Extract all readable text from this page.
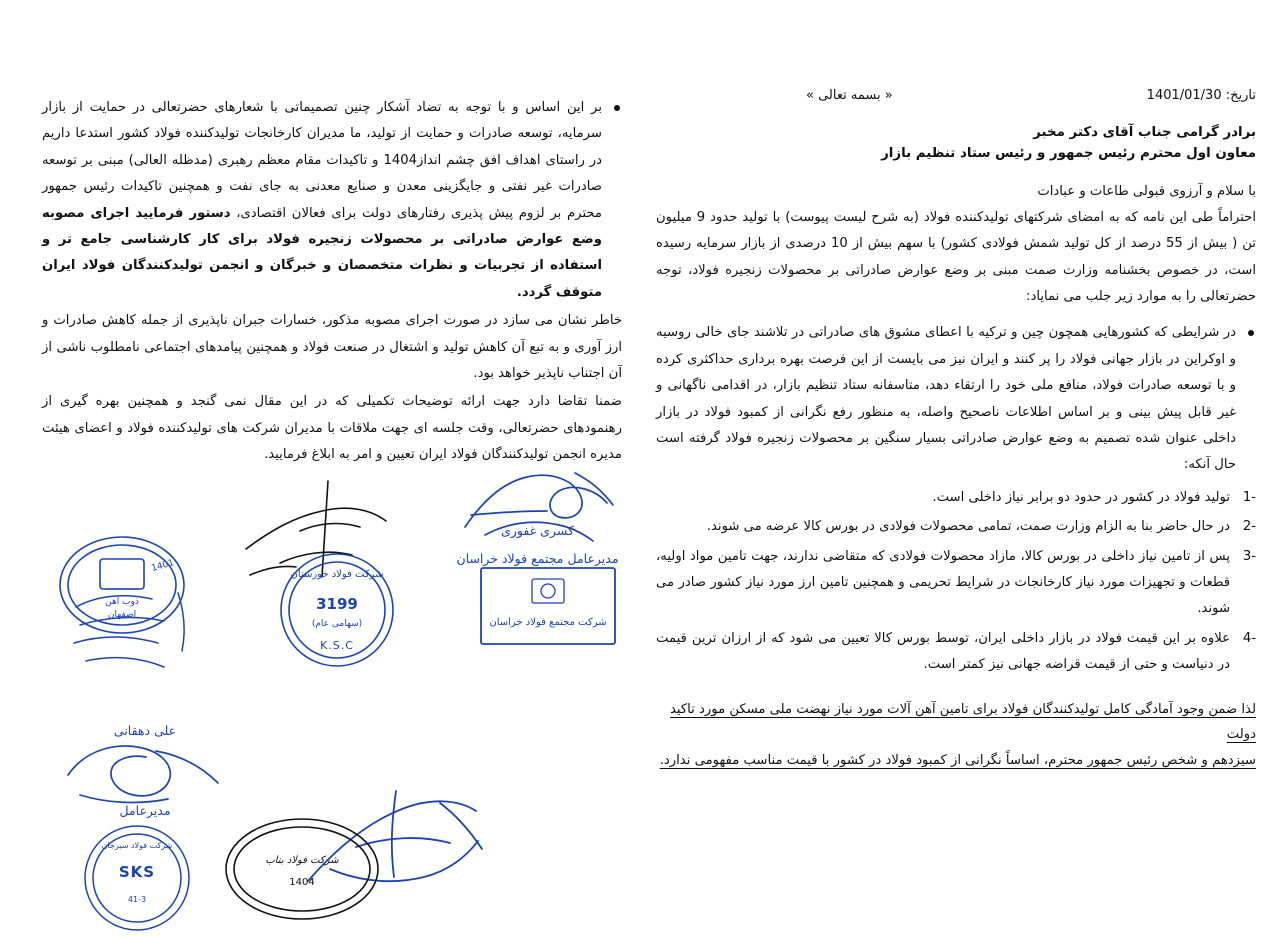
« بسمه تعالی »	تاریخ: 1401/01/30
برادر گرامی جناب آقای دکتر مخبر
معاون اول محترم رئیس جمهور و رئیس ستاد تنظیم بازار
با سلام و آرزوی قبولی طاعات و عبادات

احتراماً طی این نامه که به امضای شرکتهای تولیدکننده فولاد (به شرح لیست پیوست) با تولید حدود 9 میلیون تن ( بیش از 55 درصد از کل تولید شمش فولادی کشور) با سهم بیش از 10 درصدی از بازار سرمایه رسیده است، در خصوص بخشنامه وزارت صمت مبنی بر وضع عوارض صادراتی بر محصولات زنجیره فولاد، توجه حضرتعالی را به موارد زیر جلب می نمایاد:

در شرایطی که کشورهایی همچون چین و ترکیه با اعطای مشوق های صادراتی در تلاشند جای خالی روسیه و اوکراین در بازار جهانی فولاد را پر کنند و ایران نیز می بایست از این فرصت بهره برداری حداکثری کرده و با توسعه صادرات فولاد، منافع ملی خود را ارتقاء دهد، متاسفانه ستاد تنظیم بازار، در اقدامی ناگهانی و غیر قابل پیش بینی و بر اساس اطلاعات ناصحیح واصله، به منظور رفع نگرانی از کمبود فولاد در بازار داخلی عنوان شده تصمیم به وضع عوارض صادراتی بسیار سنگین بر محصولات زنجیره فولاد گرفته است حال آنکه:

1-
تولید فولاد در کشور در حدود دو برابر نیاز داخلی است.
2-
در حال حاضر بنا به الزام وزارت صمت، تمامی محصولات فولادی در بورس کالا عرضه می شوند.
3-
پس از تامین نیاز داخلی در بورس کالا، مازاد محصولات فولادی که متقاضی ندارند، جهت تامین مواد اولیه، قطعات و تجهیزات مورد نیاز کارخانجات در شرایط تحریمی و همچنین تامین ارز مورد نیاز کشور صادر می شوند.
4-
علاوه بر این قیمت فولاد در بازار داخلی ایران، توسط بورس کالا تعیین می شود که از ارزان ترین قیمت در دنیاست و حتی از قیمت قراضه جهانی نیز کمتر است.
لذا ضمن وجود آمادگی کامل تولیدکنندگان فولاد برای تامین آهن آلات مورد نیاز نهضت ملی مسکن مورد تاکید دولت
سیزدهم و شخص رئیس جمهور محترم، اساساً نگرانی از کمبود فولاد در کشور با قیمت مناسب مفهومی ندارد.

بر این اساس و با توجه به تضاد آشکار چنین تصمیماتی با شعارهای حضرتعالی در حمایت از بازار سرمایه، توسعه صادرات و حمایت از تولید، ما مدیران کارخانجات تولیدکننده فولاد کشور استدعا داریم در راستای اهداف افق چشم انداز1404 و تاکیدات مقام معظم رهبری (مدظله العالی) مبنی بر توسعه صادرات غیر نفتی و جایگزینی معدن و صنایع معدنی به جای نفت و همچنین تاکیدات رئیس جمهور محترم بر لزوم پیش پذیری رفتارهای دولت برای فعالان اقتصادی، دستور فرمایید اجرای مصوبه وضع عوارض صادراتی بر محصولات زنجیره فولاد برای کار کارشناسی جامع تر و استفاده از تجربیات و نظرات متخصصان و خبرگان و انجمن تولیدکنندگان فولاد ایران متوقف گردد.

خاطر نشان می سازد در صورت اجرای مصوبه مذکور، خسارات جبران ناپذیری از جمله کاهش صادرات و ارز آوری و به تبع آن کاهش تولید و اشتغال در صنعت فولاد و همچنین پیامدهای اجتماعی نامطلوب ناشی از آن اجتناب ناپذیر خواهد بود.

ضمنا تقاضا دارد جهت ارائه توضیحات تکمیلی که در این مقال نمی گنجد و همچنین بهره گیری از رهنمودهای حضرتعالی، وقت جلسه ای جهت ملاقات با مدیران شرکت های تولیدکننده فولاد و اعضای هیئت مدیره انجمن تولیدکنندگان فولاد ایران تعیین و امر به ابلاغ فرمایید.

کسری غفوری
مدیرعامل مجتمع فولاد خراسان
علی دهقانی
مدیرعامل
ذوب آهن
اصفهان
1401
شرکت فولاد خوزستان
3199
(سهامی عام)
K.S.C
شرکت مجتمع فولاد خراسان
SKS
شرکت فولاد سیرجان
41-3
شرکت فولاد بناب
1404
